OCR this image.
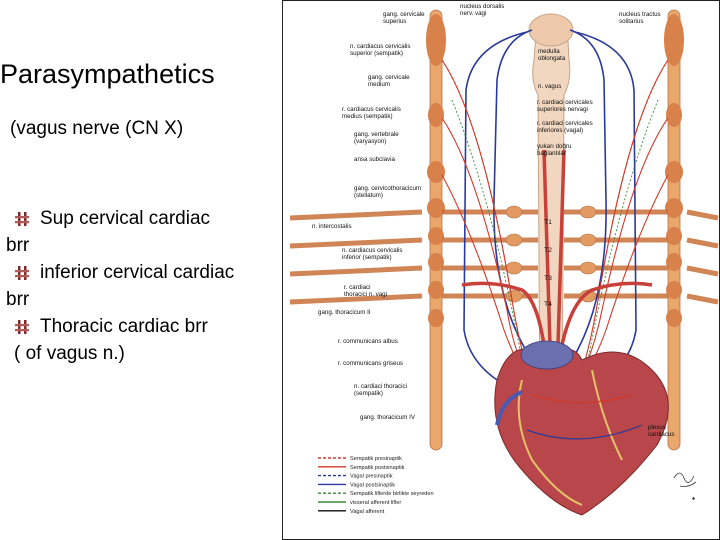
Parasympathetics
(vagus nerve (CN X)
Sup cervical cardiac
brr
inferior cervical cardiac
brr
Thoracic cardiac brr
( of vagus n.)
gang. cervicale
superius
nucleus dorsalis
nerv. vagi	nucleus tractus
solitarius
n. cardiacus cervicalis
superior (sempatik)	medulla
oblongata
gang. cervicale
medium	n. vagus
r. cardiaci cervicales
superiores nervagi
r. cardiacus cervicalis
medius (sempatik)
r. cardiaci cervicales
inferiores (vagal)
gang. vertebrale
(varyasyon)
yukarı doğru
bağlantılar
ansa subclavia
gang. cervicothoracicum
(stellatum)
n. intercostalis
n. cardiacus cervicalis
inferior (sempatik)
r. cardiaci
thoracici n. vagi
gang. thoracicum II
r. communicans albus
r. communicans griseus
n. cardiaci thoracici
(sempatik)
gang. thoracicum IV
plexus
cardiacus
T1
T2
T3
T4
Sempatik presinaptik
Sempatik postsinaptik
Vagal presinaptik
Vagal postsinaptik
Sempatik liflerde birlikte seyreden
visseral afferent lifler
Vagal afferent
♠
